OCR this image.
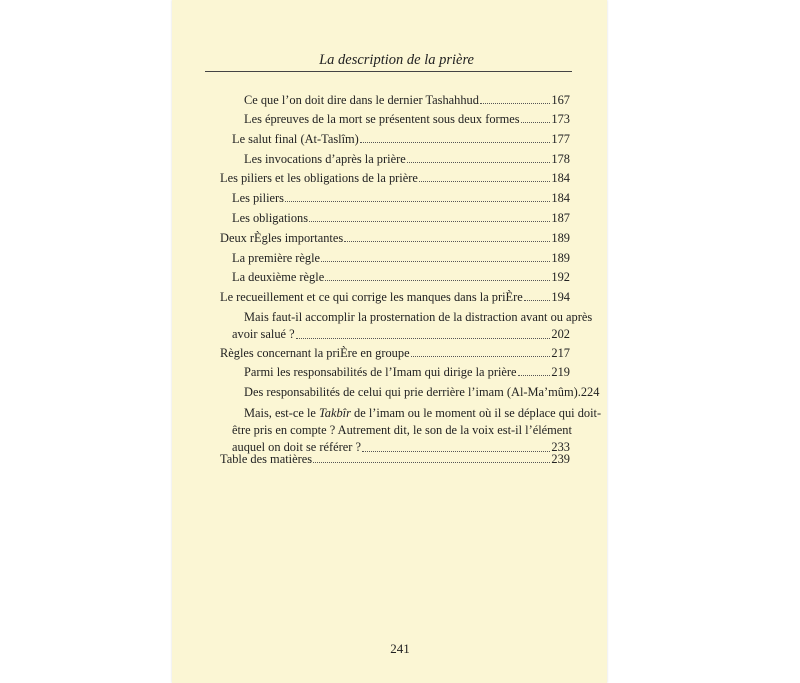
La description de la prière
Ce que l’on doit dire dans le dernier Tashahhud	167
Les épreuves de la mort se présentent sous deux formes	173
Le salut final (At-Taslîm)	177
Les invocations d’après la prière	178
Les piliers et les obligations de la prière	184
Les piliers	184
Les obligations	187
Deux rÈgles importantes	189
La première règle	189
La deuxième règle	192
Le recueillement et ce qui corrige les manques dans la priÈre 194
Mais faut-il accomplir la prosternation de la distraction avant ou après
avoir salué ?	202
Règles concernant la priÈre en groupe	217
Parmi les responsabilités de l’Imam qui dirige la prière	219
Des responsabilités de celui qui prie derrière l’imam (Al-Ma’mûm). 224
Mais, est-ce le Takbîr de l’imam ou le moment où il se déplace qui doit-
être pris en compte ? Autrement dit, le son de la voix est-il l’élément
auquel on doit se référer ?	233
Table des matières	239
241
